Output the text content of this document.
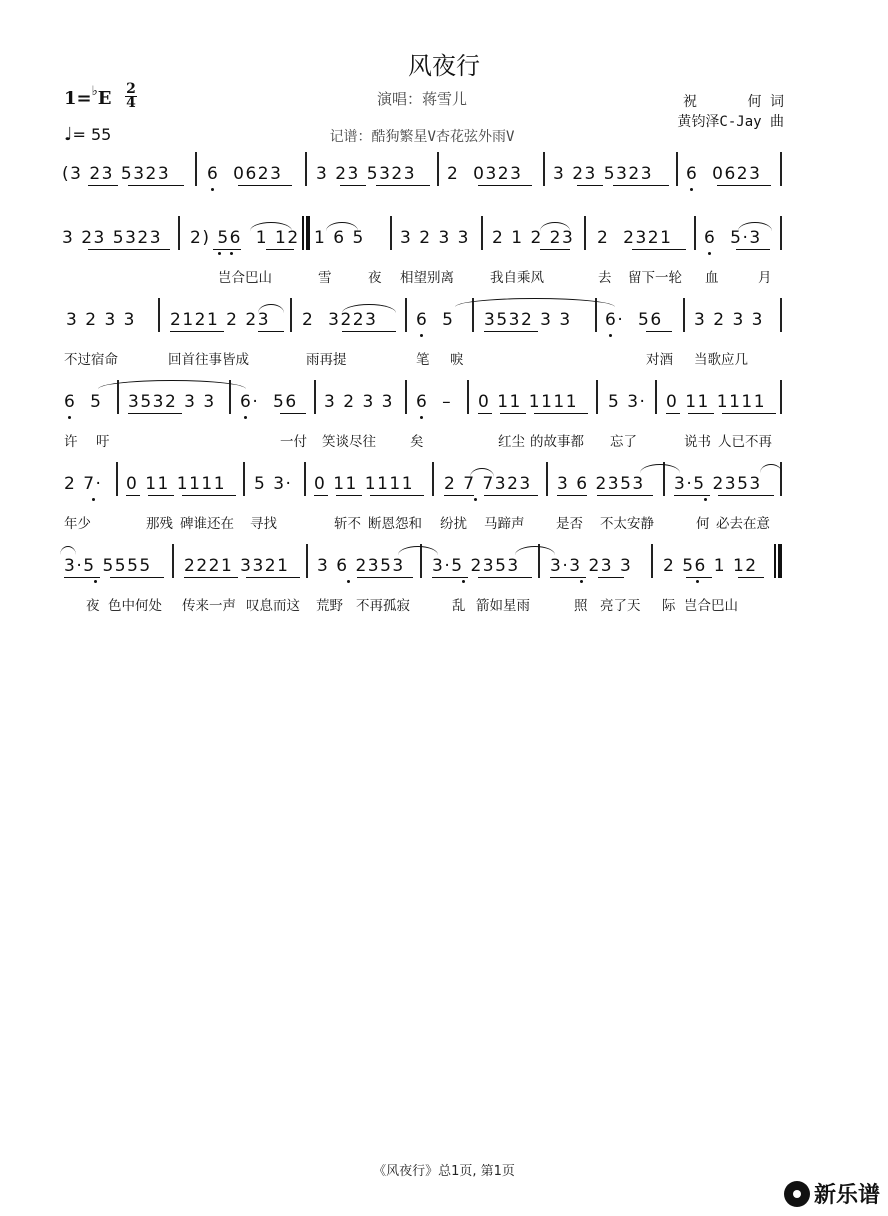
风夜行
演唱：蒋雪儿
记谱：酷狗繁星V杏花弦外雨V
祝      何 词
黄钧泽C-Jay 曲
1=♭E 2
4
♩= 55
(3 23 5323 6  0623 3 23 5323 2  0323 3 23 5323 6  0623
3 23 5323 2) 56  1 12 1 6 5 3 2 3 3 2 1 2 23 2  2321 6  5·3
岂合巴山	雪	夜 相望别离	我自乘风	去 留下一轮 血	月
3 2 3 3 2121 2 23 2  3223 6  5 3532 3 3 6·  56 3 2 3 3
不过宿命	回首往事皆成	雨再提	笔 唳	对酒 当歌应几
6  5 3532 3 3 6·  56 3 2 3 3 6  – 0 11 1111 5 3· 0 11 1111
许 吁	一付 笑谈尽往	矣	红尘 的故事都 忘了	说书 人已不再
2 7· 0 11 1111 5 3· 0 11 1111 2 7 7323 3 6 2353 3·5 2353
年少	那残 碑谁还在 寻找	斩不 断恩怨和 纷扰 马蹄声 是否 不太安静	何 必去在意
3·5 5555 2221 3321 3 6 2353 3·5 2353 3·3 23 3 2 56 1 12
夜 色中何处 传来一声 叹息而这 荒野 不再孤寂	乱 箭如星雨	照 亮了天 际 岂合巴山
《风夜行》总1页, 第1页
新乐谱
